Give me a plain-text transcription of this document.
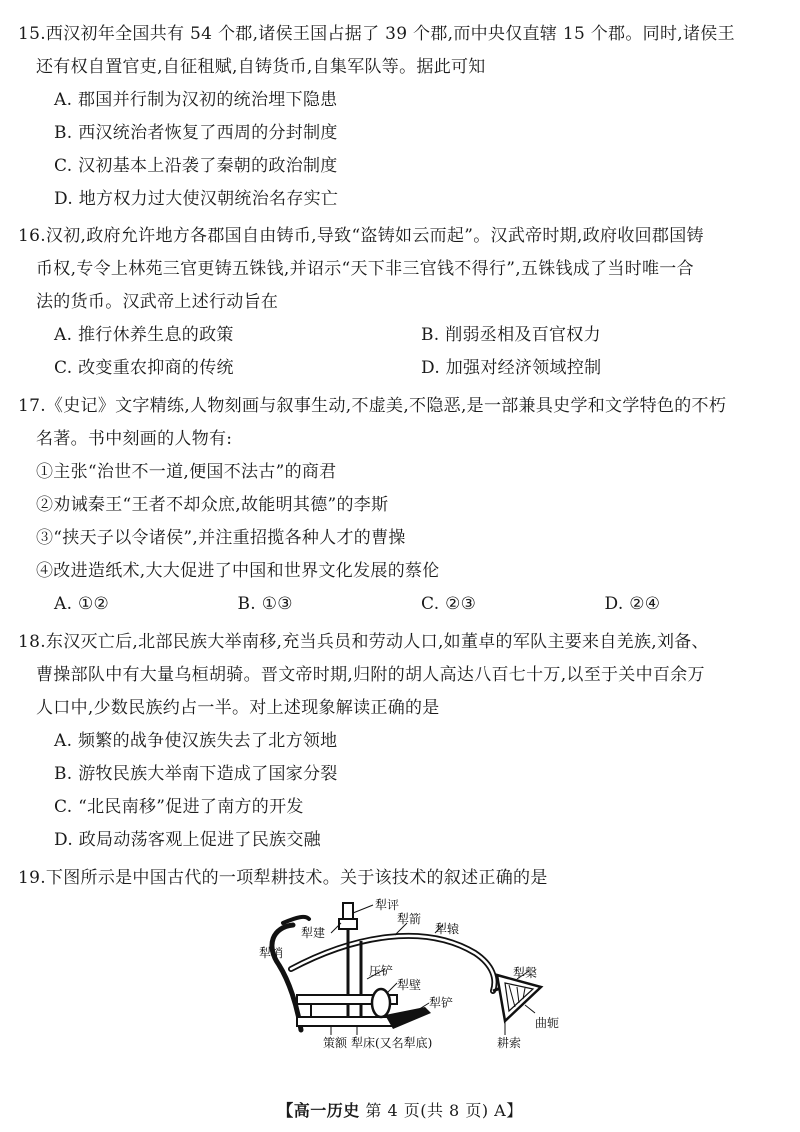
15.西汉初年全国共有 54 个郡,诸侯王国占据了 39 个郡,而中央仅直辖 15 个郡。同时,诸侯王
还有权自置官吏,自征租赋,自铸货币,自集军队等。据此可知
A. 郡国并行制为汉初的统治埋下隐患
B. 西汉统治者恢复了西周的分封制度
C. 汉初基本上沿袭了秦朝的政治制度
D. 地方权力过大使汉朝统治名存实亡
16.汉初,政府允许地方各郡国自由铸币,导致“盗铸如云而起”。汉武帝时期,政府收回郡国铸
币权,专令上林苑三官更铸五铢钱,并诏示“天下非三官钱不得行”,五铢钱成了当时唯一合
法的货币。汉武帝上述行动旨在
A. 推行休养生息的政策	B. 削弱丞相及百官权力
C. 改变重农抑商的传统	D. 加强对经济领域控制
17.《史记》文字精练,人物刻画与叙事生动,不虚美,不隐恶,是一部兼具史学和文学特色的不朽
名著。书中刻画的人物有:
①主张“治世不一道,便国不法古”的商君
②劝诫秦王“王者不却众庶,故能明其德”的李斯
③“挟天子以令诸侯”,并注重招揽各种人才的曹操
④改进造纸术,大大促进了中国和世界文化发展的蔡伦
A. ①②	B. ①③	C. ②③	D. ②④
18.东汉灭亡后,北部民族大举南移,充当兵员和劳动人口,如董卓的军队主要来自羌族,刘备、
曹操部队中有大量乌桓胡骑。晋文帝时期,归附的胡人高达八百七十万,以至于关中百余万
人口中,少数民族约占一半。对上述现象解读正确的是
A. 频繁的战争使汉族失去了北方领地
B. 游牧民族大举南下造成了国家分裂
C. “北民南移”促进了南方的开发
D. 政局动荡客观上促进了民族交融
19.下图所示是中国古代的一项犁耕技术。关于该技术的叙述正确的是
犁评
犁建
犁箭
犁辕
犁梢
压铲
犁壁
犁槃
犁铲
曲轭
策额 犁床 (又名犁底)	耕索
【高一历史 第 4 页(共 8 页) A】
